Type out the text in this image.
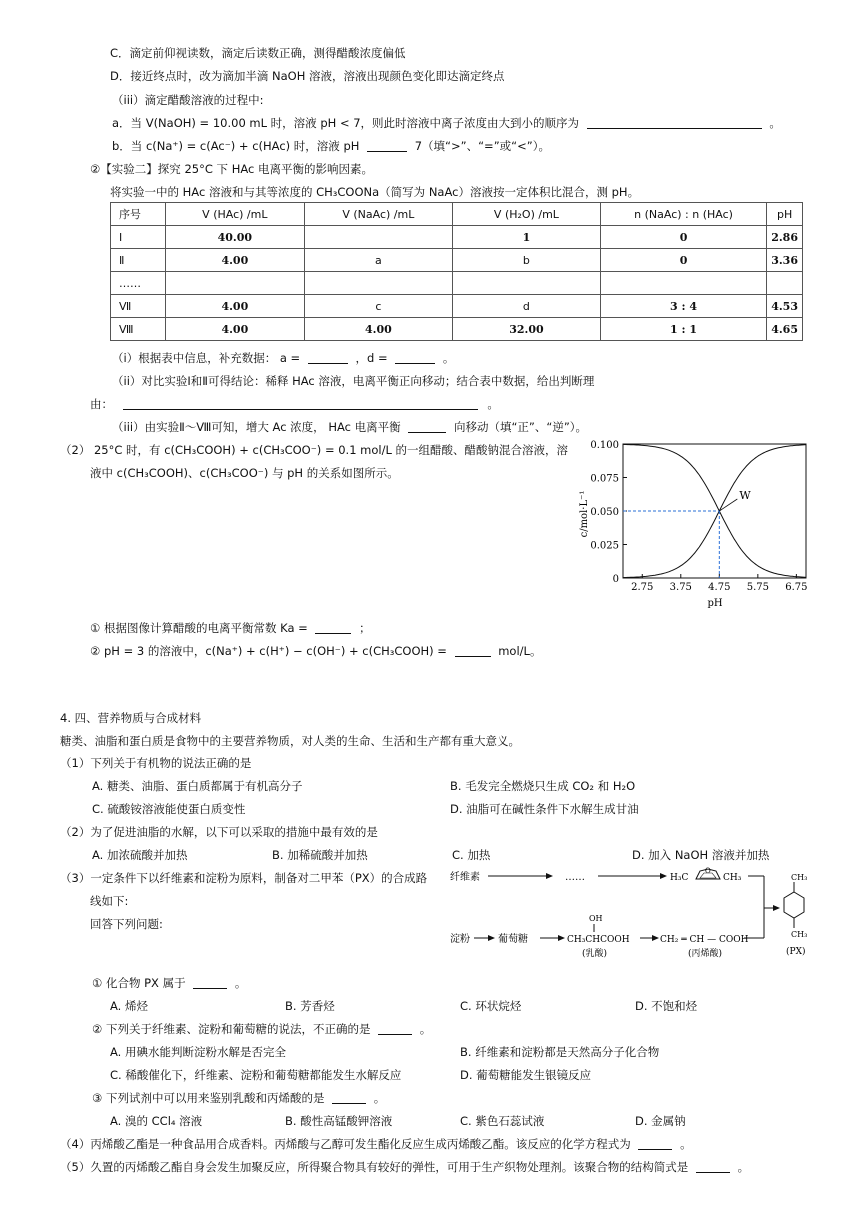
C．滴定前仰视读数，滴定后读数正确，测得醋酸浓度偏低
D．接近终点时，改为滴加半滴 NaOH 溶液，溶液出现颜色变化即达滴定终点
（iii）滴定醋酸溶液的过程中:
a．当 V(NaOH) = 10.00 mL 时，溶液 pH < 7，则此时溶液中离子浓度由大到小的顺序为	。
b．当 c(Na⁺) = c(Ac⁻) + c(HAc) 时，溶液 pH	7（填“>”、“=”或“<”）。
②【实验二】探究 25°C 下 HAc 电离平衡的影响因素。
将实验一中的 HAc 溶液和与其等浓度的 CH₃COONa（简写为 NaAc）溶液按一定体积比混合，测 pH。
序号	V (HAc) /mL	V (NaAc) /mL	V (H₂O) /mL	n (NaAc) : n (HAc)	pH
Ⅰ	40.00		1	0	2.86
Ⅱ	4.00	a	b	0	3.36
……					
Ⅶ	4.00	c	d	3 : 4	4.53
Ⅷ	4.00	4.00	32.00	1 : 1	4.65
（i）根据表中信息，补充数据： a =	，d =	。
（ii）对比实验Ⅰ和Ⅱ可得结论：稀释 HAc 溶液，电离平衡正向移动；结合表中数据，给出判断理
由：	。
（iii）由实验Ⅱ～Ⅷ可知，增大 Ac 浓度， HAc 电离平衡	向移动（填“正”、“逆”）。
（2） 25°C 时，有 c(CH₃COOH) + c(CH₃COO⁻) = 0.1 mol/L 的一组醋酸、醋酸钠混合溶液，溶
液中 c(CH₃COOH)、c(CH₃COO⁻) 与 pH 的关系如图所示。
2.75 3.75 4.75 5.75 6.75
0
0.025
0.050
0.075
0.100
W
c/mol·L⁻¹
pH
① 根据图像计算醋酸的电离平衡常数 Ka =	；
② pH = 3 的溶液中，c(Na⁺) + c(H⁺) − c(OH⁻) + c(CH₃COOH) =	mol/L。
4. 四、营养物质与合成材料
糖类、油脂和蛋白质是食物中的主要营养物质，对人类的生命、生活和生产都有重大意义。
（1）下列关于有机物的说法正确的是
A. 糖类、油脂、蛋白质都属于有机高分子	B. 毛发完全燃烧只生成 CO₂ 和 H₂O
C. 硫酸铵溶液能使蛋白质变性	D. 油脂可在碱性条件下水解生成甘油
（2）为了促进油脂的水解，以下可以采取的措施中最有效的是
A. 加浓硫酸并加热	B. 加稀硫酸并加热	C. 加热	D. 加入 NaOH 溶液并加热
（3）一定条件下以纤维素和淀粉为原料，制备对二甲苯（PX）的合成路
线如下:
回答下列问题:
纤维素	……	H₃C
O
CH₃	CH₃
CH₃
(PX)
淀粉	葡萄糖
OH
CH₃CHCOOH
(乳酸)
CH₂ ═ CH — COOH
(丙烯酸)
① 化合物 PX 属于	。
A. 烯烃	B. 芳香烃	C. 环状烷烃	D. 不饱和烃
② 下列关于纤维素、淀粉和葡萄糖的说法，不正确的是	。
A. 用碘水能判断淀粉水解是否完全	B. 纤维素和淀粉都是天然高分子化合物
C. 稀酸催化下，纤维素、淀粉和葡萄糖都能发生水解反应	D. 葡萄糖能发生银镜反应
③ 下列试剂中可以用来鉴别乳酸和丙烯酸的是	。
A. 溴的 CCl₄ 溶液	B. 酸性高锰酸钾溶液	C. 紫色石蕊试液	D. 金属钠
（4）丙烯酸乙酯是一种食品用合成香料。丙烯酸与乙醇可发生酯化反应生成丙烯酸乙酯。该反应的化学方程式为	。
（5）久置的丙烯酸乙酯自身会发生加聚反应，所得聚合物具有较好的弹性，可用于生产织物处理剂。该聚合物的结构简式是	。
